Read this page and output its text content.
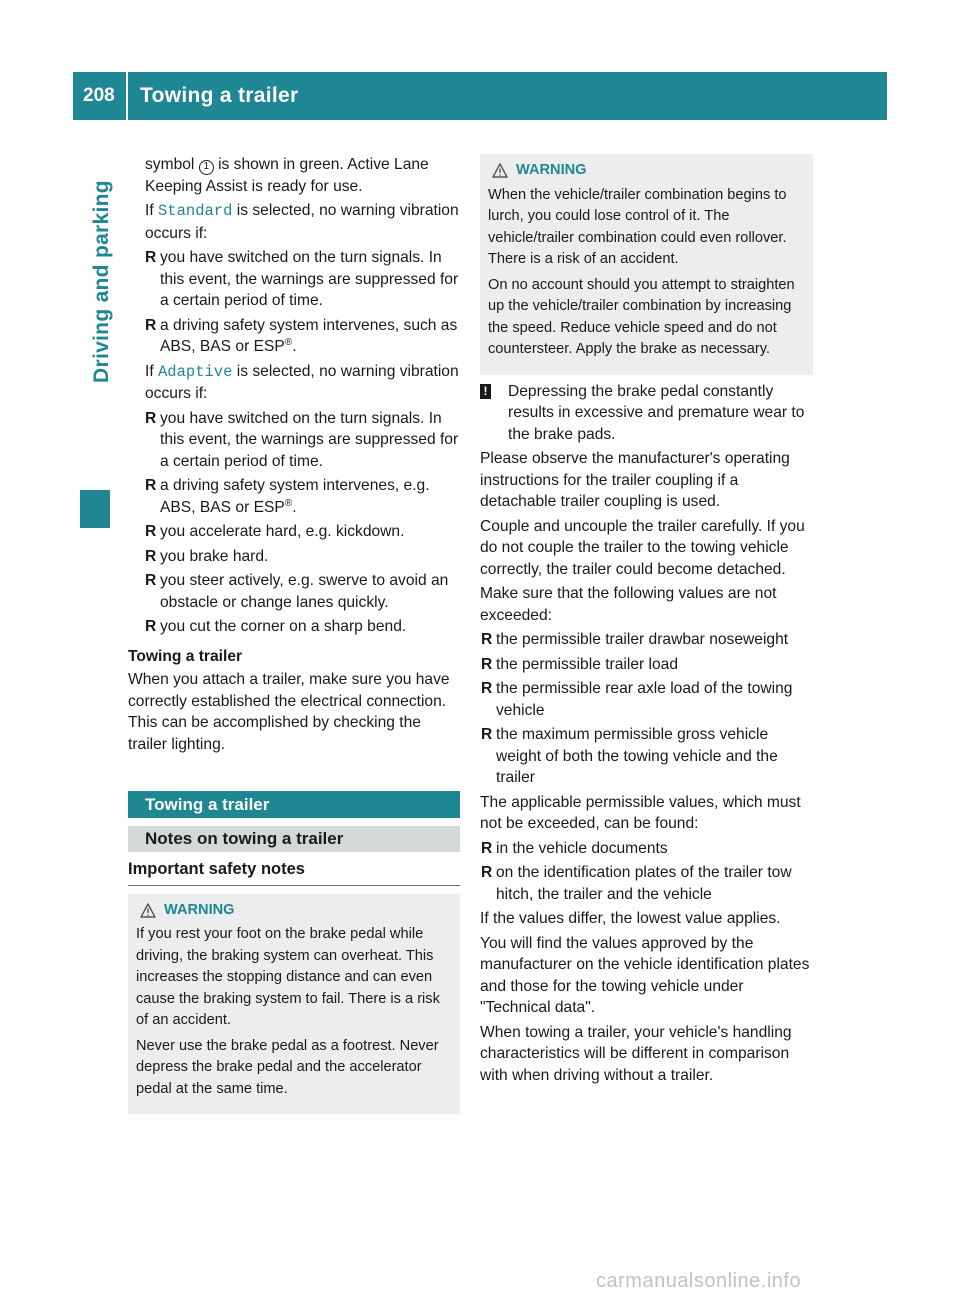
208	Towing a trailer
Driving and parking

symbol 1 is shown in green. Active Lane Keeping Assist is ready for use.

If Standard is selected, no warning vibration occurs if:

R you have switched on the turn signals. In this event, the warnings are suppressed for a certain period of time.
R a driving safety system intervenes, such as ABS, BAS or ESP®.

If Adaptive is selected, no warning vibration occurs if:

R you have switched on the turn signals. In this event, the warnings are suppressed for a certain period of time.
R a driving safety system intervenes, e.g. ABS, BAS or ESP®.
R you accelerate hard, e.g. kickdown.
R you brake hard.
R you steer actively, e.g. swerve to avoid an obstacle or change lanes quickly.
R you cut the corner on a sharp bend.
Towing a trailer

When you attach a trailer, make sure you have correctly established the electrical connection. This can be accomplished by checking the trailer lighting.

Towing a trailer
Notes on towing a trailer
Important safety notes
WARNING

If you rest your foot on the brake pedal while driving, the braking system can overheat. This increases the stopping distance and can even cause the braking system to fail. There is a risk of an accident.

Never use the brake pedal as a footrest. Never depress the brake pedal and the accelerator pedal at the same time.

WARNING

When the vehicle/trailer combination begins to lurch, you could lose control of it. The vehicle/trailer combination could even rollover. There is a risk of an accident.

On no account should you attempt to straighten up the vehicle/trailer combination by increasing the speed. Reduce vehicle speed and do not countersteer. Apply the brake as necessary.

!	Depressing the brake pedal constantly results in excessive and premature wear to the brake pads.

Please observe the manufacturer's operating instructions for the trailer coupling if a detachable trailer coupling is used.

Couple and uncouple the trailer carefully. If you do not couple the trailer to the towing vehicle correctly, the trailer could become detached.

Make sure that the following values are not exceeded:

R the permissible trailer drawbar noseweight
R the permissible trailer load
R the permissible rear axle load of the towing vehicle
R the maximum permissible gross vehicle weight of both the towing vehicle and the trailer

The applicable permissible values, which must not be exceeded, can be found:

R in the vehicle documents
R on the identification plates of the trailer tow hitch, the trailer and the vehicle

If the values differ, the lowest value applies.

You will find the values approved by the manufacturer on the vehicle identification plates and those for the towing vehicle under "Technical data".

When towing a trailer, your vehicle's handling characteristics will be different in comparison with when driving without a trailer.

carmanualsonline.info
